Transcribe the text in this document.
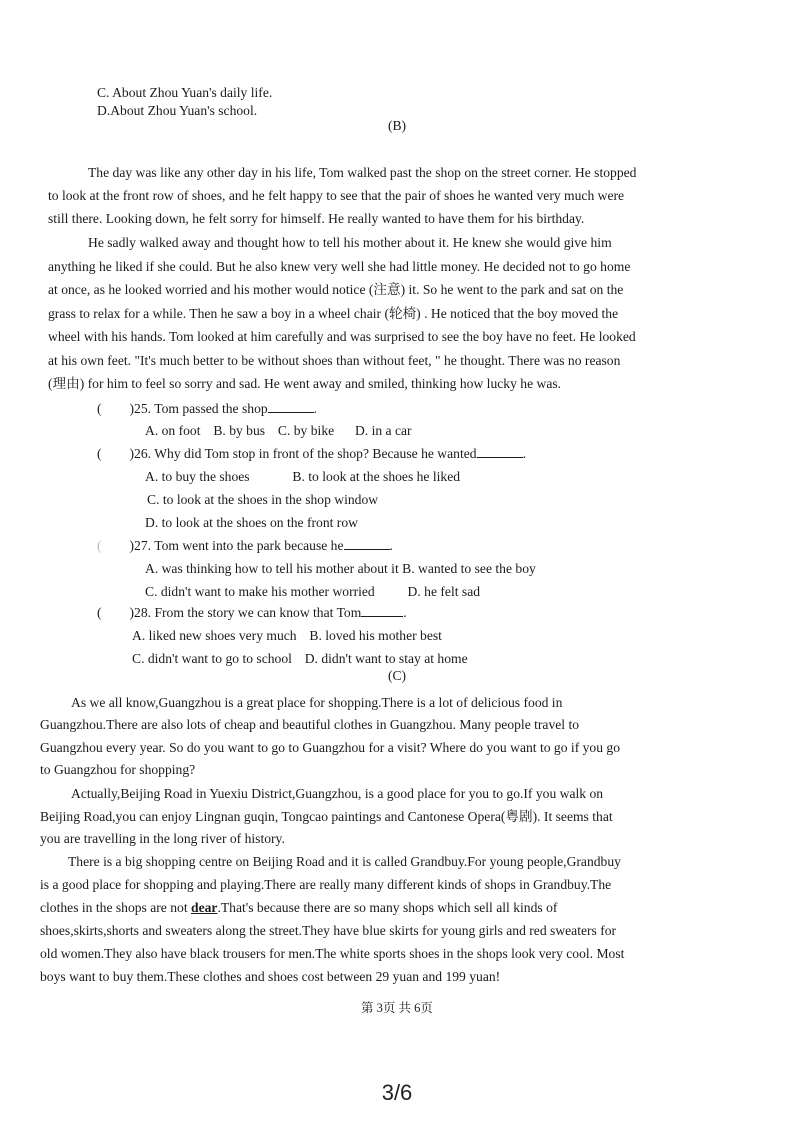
C. About Zhou Yuan's daily life.
D.About Zhou Yuan's school.
(B)
The day was like any other day in his life, Tom walked past the shop on the street corner. He stopped
to look at the front row of shoes, and he felt happy to see that the pair of shoes he wanted very much were
still there. Looking down, he felt sorry for himself. He really wanted to have them for his birthday.
He sadly walked away and thought how to tell his mother about it. He knew she would give him
anything he liked if she could. But he also knew very well she had little money. He decided not to go home
at once, as he looked worried and his mother would notice (注意) it. So he went to the park and sat on the
grass to relax for a while. Then he saw a boy in a wheel chair (轮椅) . He noticed that the boy moved the
wheel with his hands. Tom looked at him carefully and was surprised to see the boy have no feet. He looked
at his own feet. "It's much better to be without shoes than without feet, " he thought. There was no reason
(理由) for him to feel so sorry and sad. He went away and smiled, thinking how lucky he was.
( )25. Tom passed the shop	.
A. on foot B. by bus C. by bike D. in a car
( )26. Why did Tom stop in front of the shop? Because he wanted	.
A. to buy the shoes	B. to look at the shoes he liked
C. to look at the shoes in the shop window
D. to look at the shoes on the front row
( )27. Tom went into the park because he	.
A. was thinking how to tell his mother about it B. wanted to see the boy
C. didn't want to make his mother worried D. he felt sad
( )28. From the story we can know that Tom	.
A. liked new shoes very much B. loved his mother best
C. didn't want to go to school D. didn't want to stay at home
(C)
As we all know,Guangzhou is a great place for shopping.There is a lot of delicious food in
Guangzhou.There are also lots of cheap and beautiful clothes in Guangzhou. Many people travel to
Guangzhou every year. So do you want to go to Guangzhou for a visit? Where do you want to go if you go
to Guangzhou for shopping?
Actually,Beijing Road in Yuexiu District,Guangzhou, is a good place for you to go.If you walk on
Beijing Road,you can enjoy Lingnan guqin, Tongcao paintings and Cantonese Opera(粤剧). It seems that
you are travelling in the long river of history.
There is a big shopping centre on Beijing Road and it is called Grandbuy.For young people,Grandbuy
is a good place for shopping and playing.There are really many different kinds of shops in Grandbuy.The
clothes in the shops are not dear.That's because there are so many shops which sell all kinds of
shoes,skirts,shorts and sweaters along the street.They have blue skirts for young girls and red sweaters for
old women.They also have black trousers for men.The white sports shoes in the shops look very cool. Most
boys want to buy them.These clothes and shoes cost between 29 yuan and 199 yuan!
第 3页 共 6页
3/6
